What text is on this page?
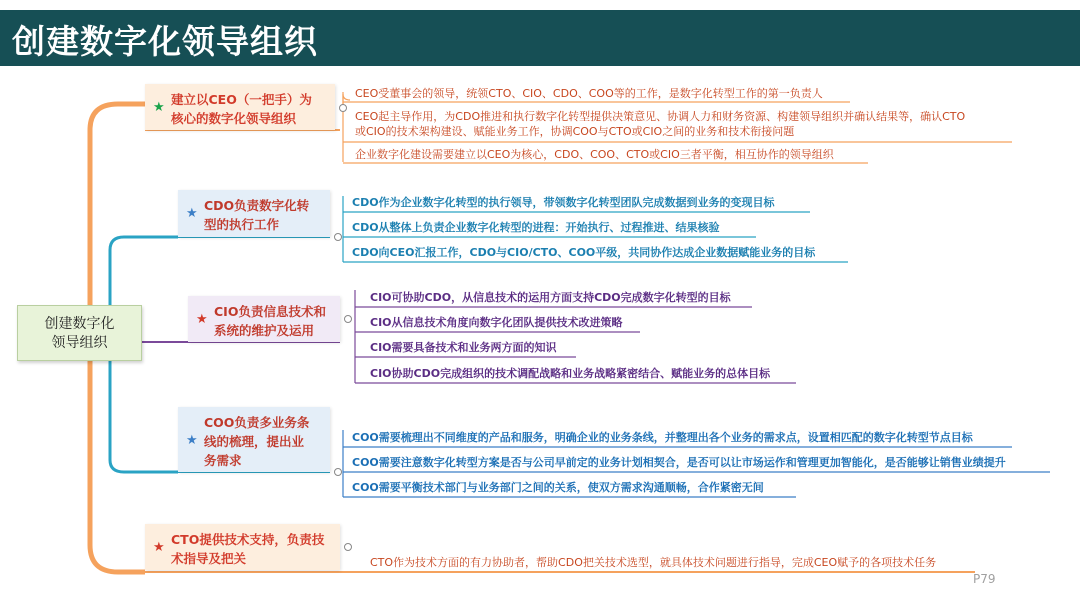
创建数字化领导组织
创建数字化
领导组织
★
建立以CEO（一把手）为
核心的数字化领导组织
CEO受董事会的领导，统领CTO、CIO、CDO、COO等的工作，是数字化转型工作的第一负责人
CEO起主导作用，为CDO推进和执行数字化转型提供决策意见、协调人力和财务资源、构建领导组织并确认结果等，确认CTO
或CIO的技术架构建设、赋能业务工作，协调COO与CTO或CIO之间的业务和技术衔接问题
企业数字化建设需要建立以CEO为核心，CDO、COO、CTO或CIO三者平衡，相互协作的领导组织
★
CDO负责数字化转
型的执行工作
CDO作为企业数字化转型的执行领导，带领数字化转型团队完成数据到业务的变现目标
CDO从整体上负责企业数字化转型的进程：开始执行、过程推进、结果核验
CDO向CEO汇报工作，CDO与CIO/CTO、COO平级，共同协作达成企业数据赋能业务的目标
★
CIO负责信息技术和
系统的维护及运用
CIO可协助CDO，从信息技术的运用方面支持CDO完成数字化转型的目标
CIO从信息技术角度向数字化团队提供技术改进策略
CIO需要具备技术和业务两方面的知识
CIO协助CDO完成组织的技术调配战略和业务战略紧密结合、赋能业务的总体目标
★
COO负责多业务条
线的梳理，提出业
务需求
COO需要梳理出不同维度的产品和服务，明确企业的业务条线，并整理出各个业务的需求点，设置相匹配的数字化转型节点目标
COO需要注意数字化转型方案是否与公司早前定的业务计划相契合，是否可以让市场运作和管理更加智能化，是否能够让销售业绩提升
COO需要平衡技术部门与业务部门之间的关系，使双方需求沟通顺畅，合作紧密无间
★
CTO提供技术支持，负责技
术指导及把关	CTO作为技术方面的有力协助者，帮助CDO把关技术选型，就具体技术问题进行指导，完成CEO赋予的各项技术任务
P79
